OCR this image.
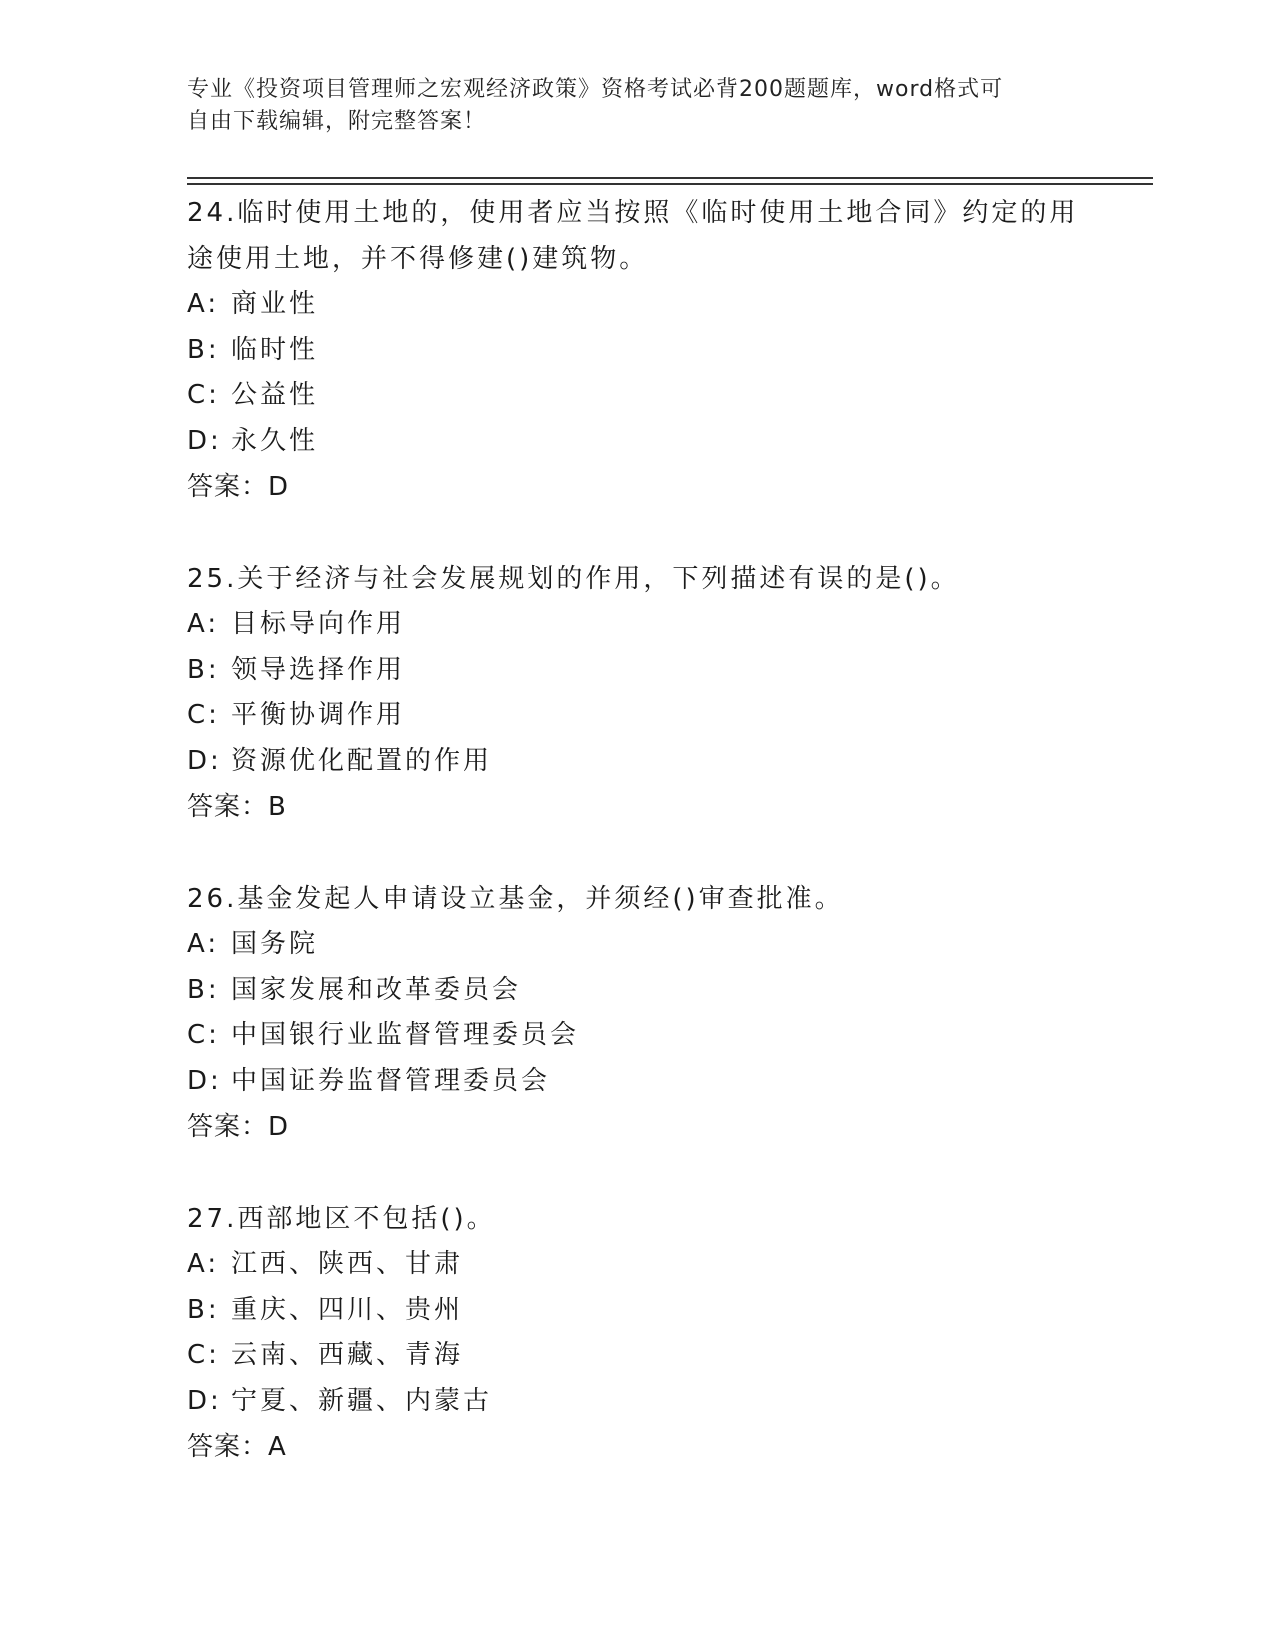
专业《投资项目管理师之宏观经济政策》资格考试必背200题题库，word格式可
自由下载编辑，附完整答案！

24.临时使用土地的，使用者应当按照《临时使用土地合同》约定的用途使用土地，并不得修建()建筑物。

A: 商业性

B: 临时性

C: 公益性

D: 永久性

答案：D

25.关于经济与社会发展规划的作用，下列描述有误的是()。

A: 目标导向作用

B: 领导选择作用

C: 平衡协调作用

D: 资源优化配置的作用

答案：B

26.基金发起人申请设立基金，并须经()审查批准。

A: 国务院

B: 国家发展和改革委员会

C: 中国银行业监督管理委员会

D: 中国证券监督管理委员会

答案：D

27.西部地区不包括()。

A: 江西、陕西、甘肃

B: 重庆、四川、贵州

C: 云南、西藏、青海

D: 宁夏、新疆、内蒙古

答案：A
